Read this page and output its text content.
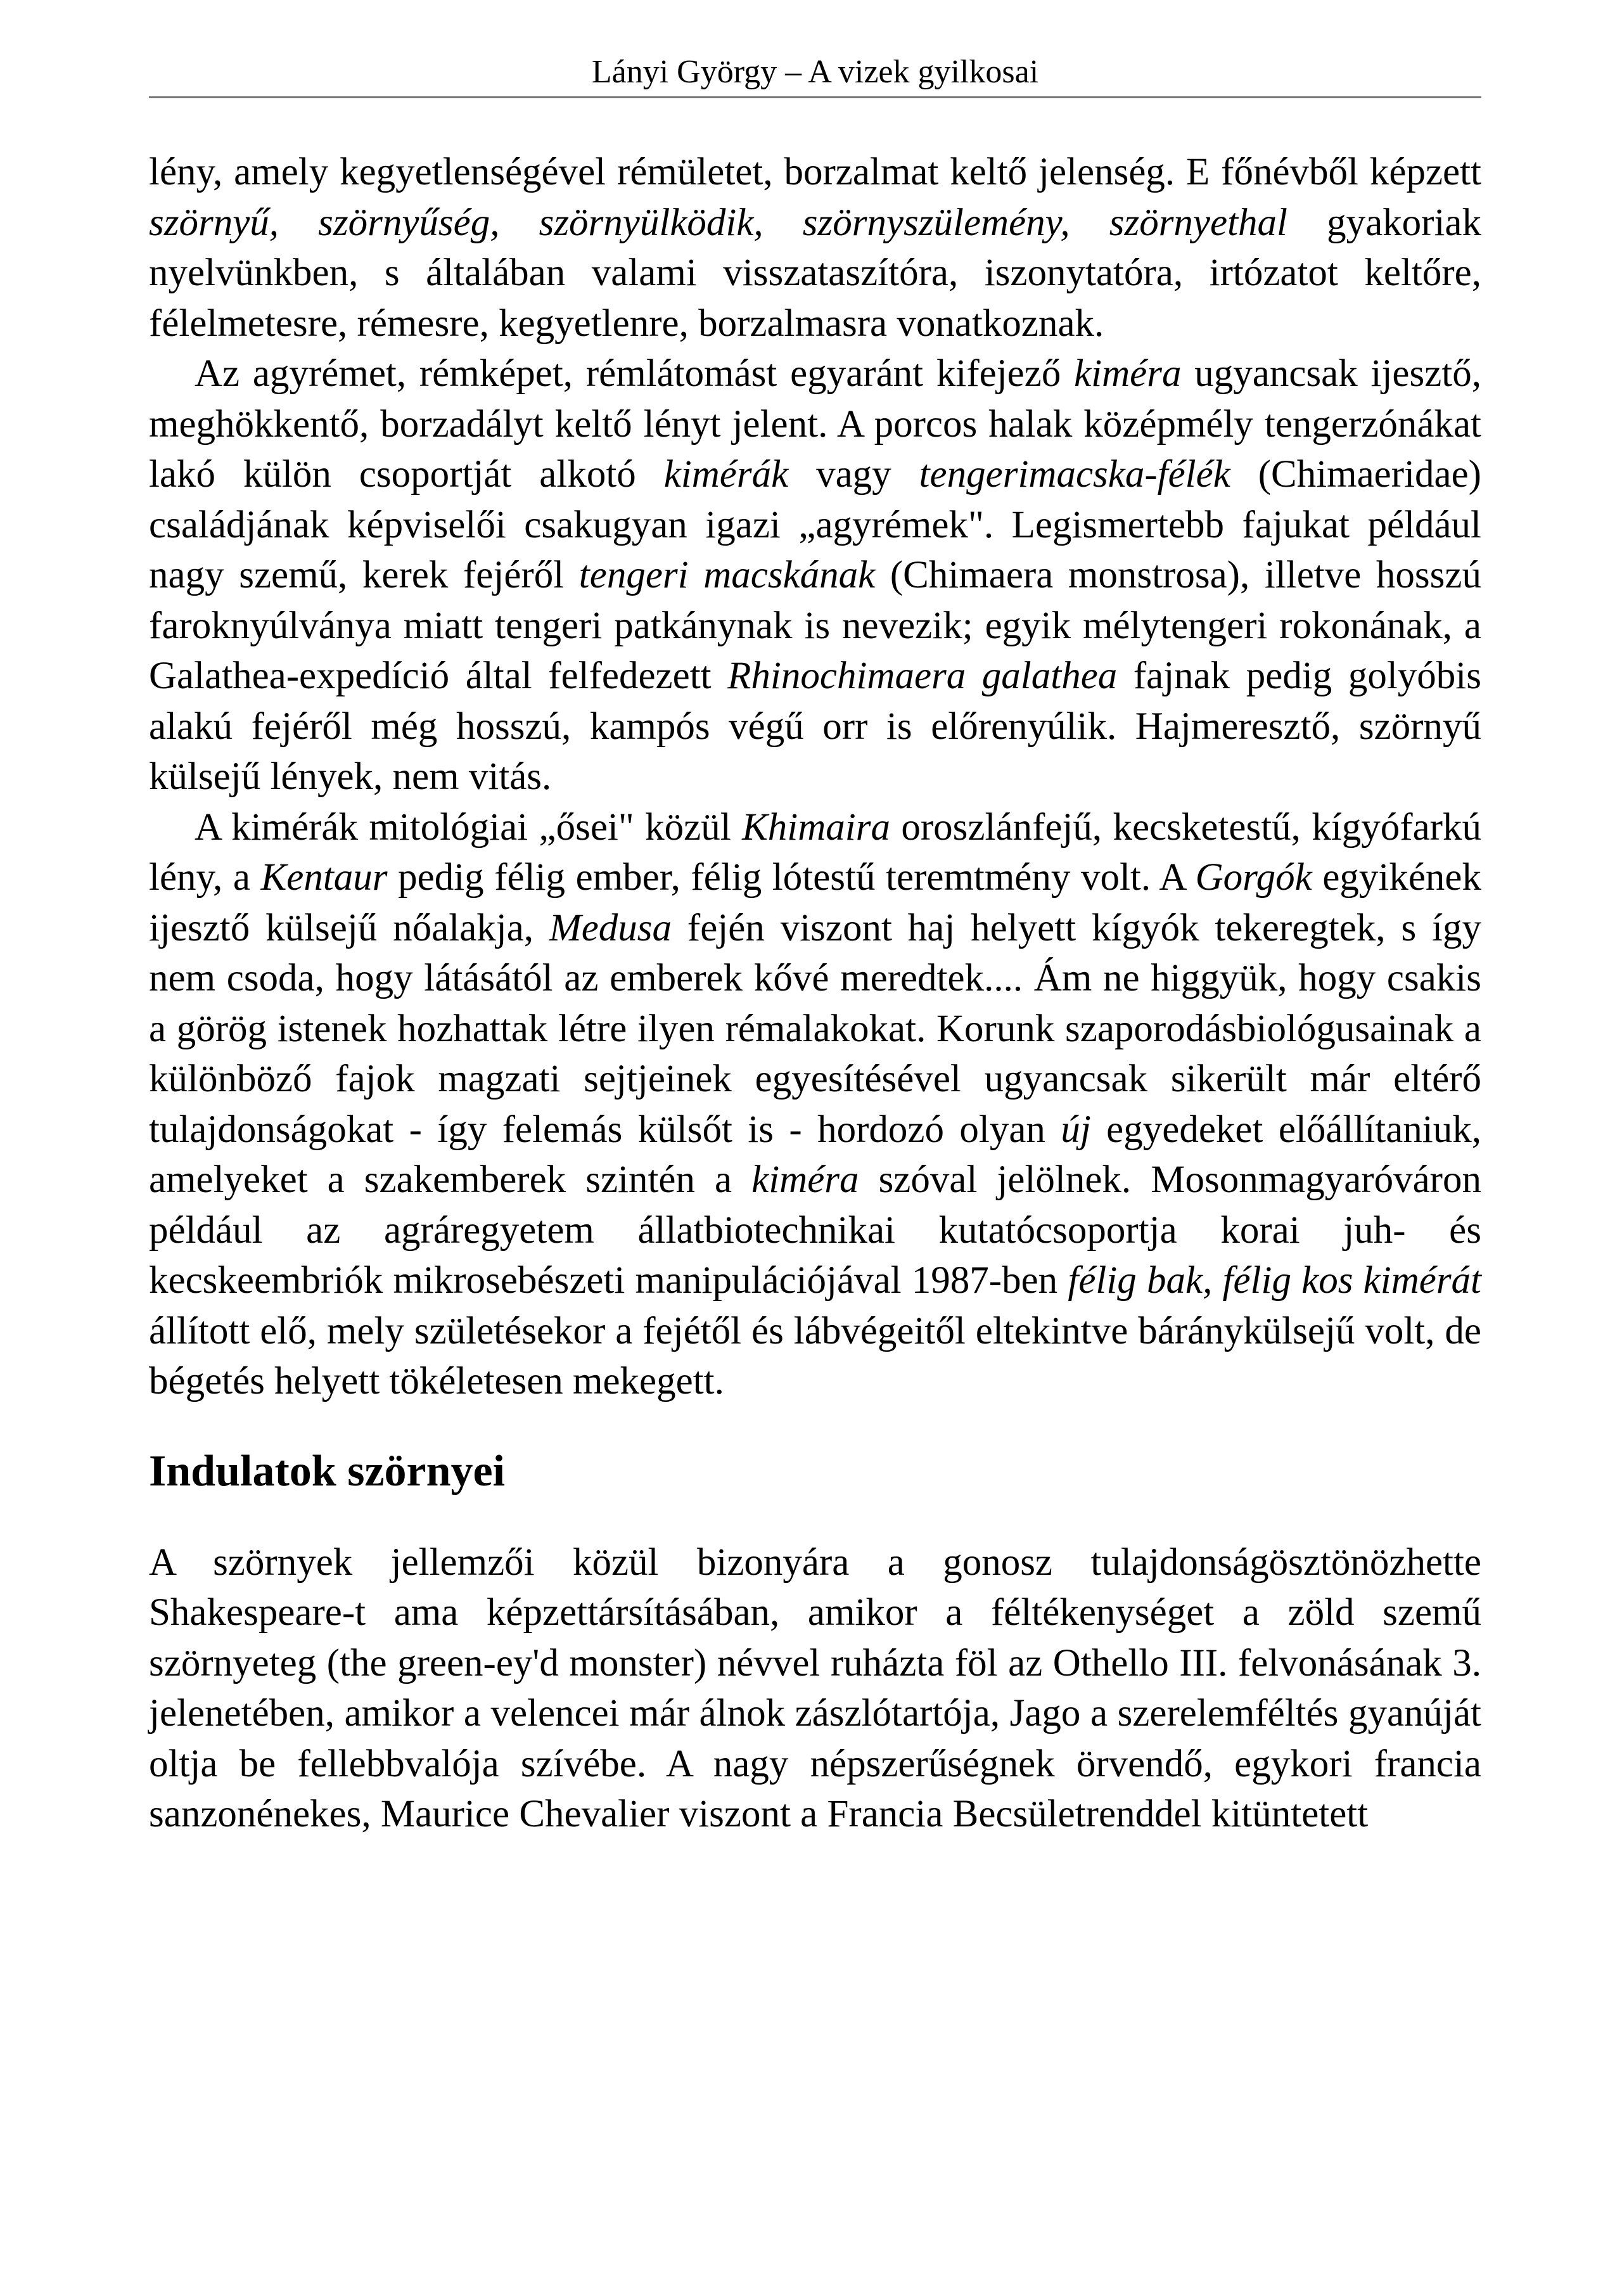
Lányi György – A vizek gyilkosai

lény, amely kegyetlenségével rémületet, borzalmat keltő jelenség. E főnévből képzett szörnyű, szörnyűség, szörnyülködik, szörnyszülemény, szörnyethal gyakoriak nyelvünkben, s általában valami visszataszítóra, iszonytatóra, irtózatot keltőre, félelmetesre, rémesre, kegyetlenre, borzalmasra vonatkoznak.

Az agyrémet, rémképet, rémlátomást egyaránt kifejező kiméra ugyancsak ijesztő, meghökkentő, borzadályt keltő lényt jelent. A porcos halak középmély tengerzónákat lakó külön csoportját alkotó kimérák vagy tengerimacska-félék (Chimaeridae) családjának képviselői csakugyan igazi „agyrémek". Legismertebb fajukat például nagy szemű, kerek fejéről tengeri macskának (Chimaera monstrosa), illetve hosszú faroknyúlványa miatt tengeri patkánynak is nevezik; egyik mélytengeri rokonának, a Galathea-expedíció által felfedezett Rhinochimaera galathea fajnak pedig golyóbis alakú fejéről még hosszú, kampós végű orr is előrenyúlik. Hajmeresztő, szörnyű külsejű lények, nem vitás.

A kimérák mitológiai „ősei" közül Khimaira oroszlánfejű, kecsketestű, kígyófarkú lény, a Kentaur pedig félig ember, félig lótestű teremtmény volt. A Gorgók egyikének ijesztő külsejű nőalakja, Medusa fején viszont haj helyett kígyók tekeregtek, s így nem csoda, hogy látásától az emberek kővé meredtek.... Ám ne higgyük, hogy csakis a görög istenek hozhattak létre ilyen rémalakokat. Korunk szaporodásbiológusainak a különböző fajok magzati sejtjeinek egyesítésével ugyancsak sikerült már eltérő tulajdonságokat - így felemás külsőt is - hordozó olyan új egyedeket előállítaniuk, amelyeket a szakemberek szintén a kiméra szóval jelölnek. Mosonmagyaróváron például az agráregyetem állatbiotechnikai kutatócsoportja korai juh- és kecskeembriók mikrosebészeti manipulációjával 1987-ben félig bak, félig kos kimérát állított elő, mely születésekor a fejétől és lábvégeitől eltekintve báránykülsejű volt, de bégetés helyett tökéletesen mekegett.

Indulatok szörnyei

A szörnyek jellemzői közül bizonyára a gonosz tulajdonságösztönözhette Shakespeare-t ama képzettársításában, amikor a féltékenységet a zöld szemű szörnyeteg (the green-ey'd monster) névvel ruházta föl az Othello III. felvonásának 3. jelenetében, amikor a velencei már álnok zászlótartója, Jago a szerelemféltés gyanúját oltja be fellebbvalója szívébe. A nagy népszerűségnek örvendő, egykori francia sanzonénekes, Maurice Chevalier viszont a Francia Becsületrenddel kitüntetett
